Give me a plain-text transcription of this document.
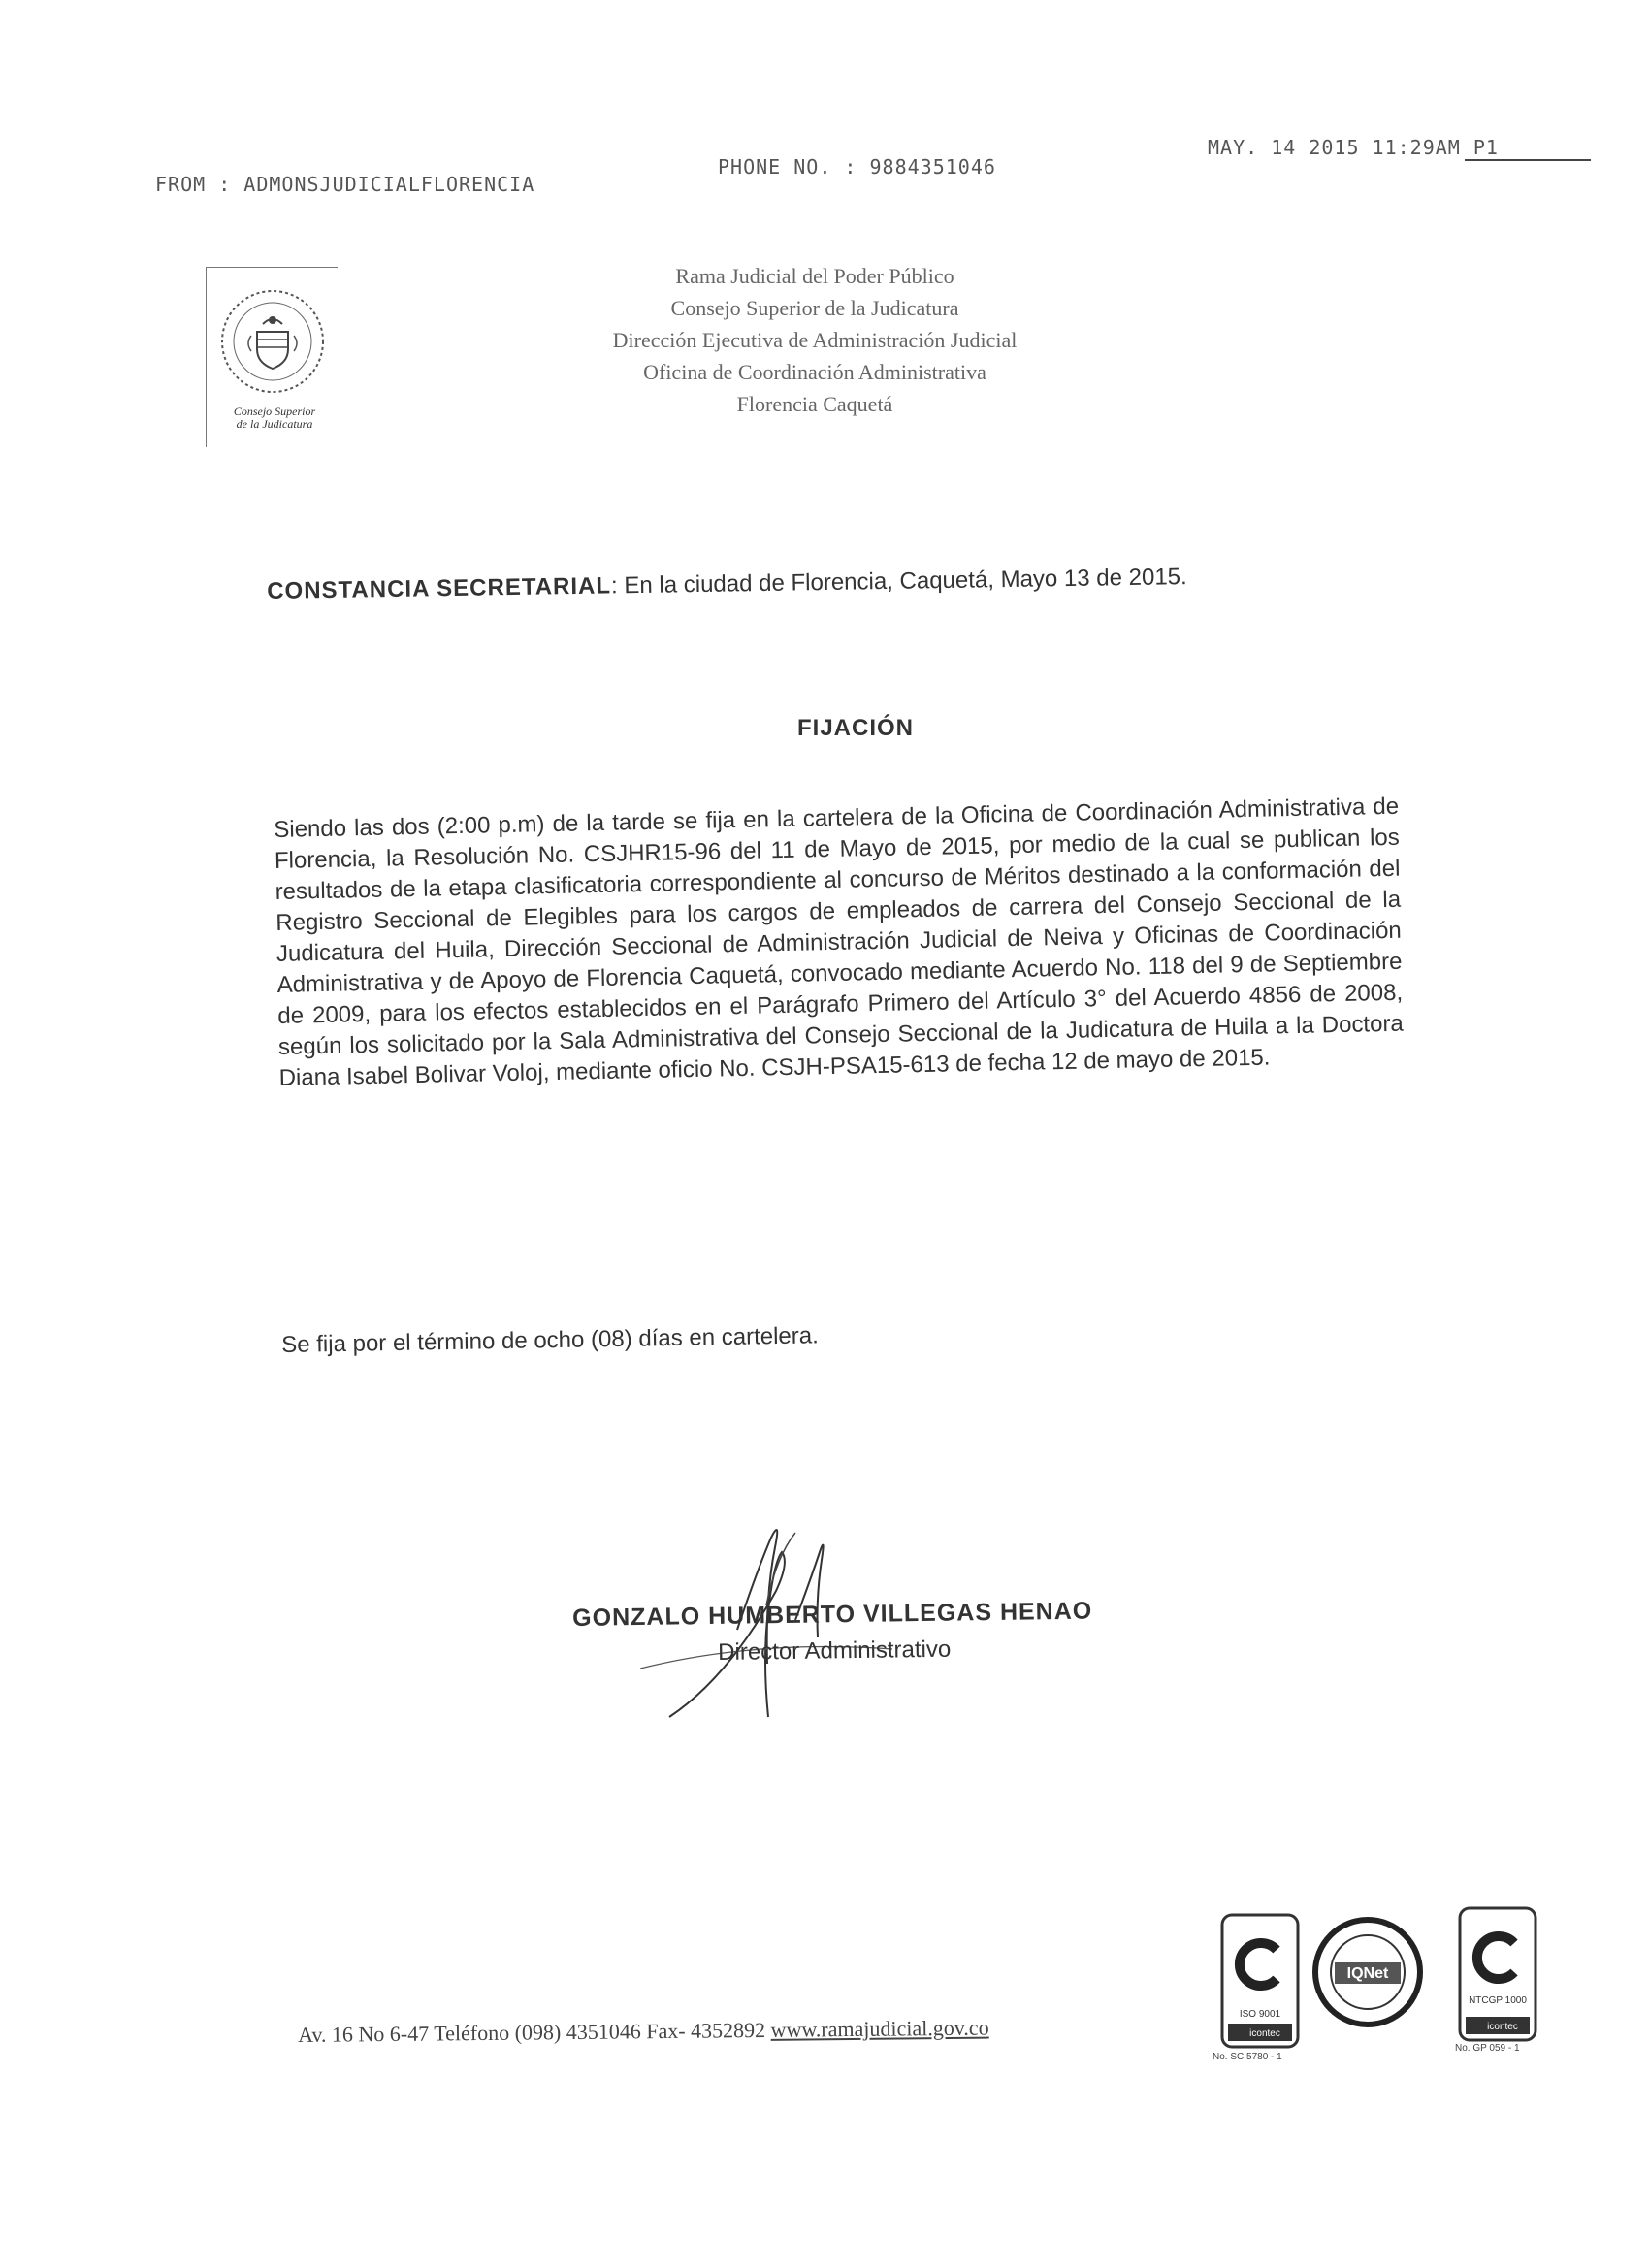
FROM : ADMONSJUDICIALFLORENCIA
PHONE NO. : 9884351046
MAY. 14 2015 11:29AM P1
Consejo Superior
de la Judicatura
Rama Judicial del Poder Público
Consejo Superior de la Judicatura
Dirección Ejecutiva de Administración Judicial
Oficina de Coordinación Administrativa
Florencia Caquetá
CONSTANCIA SECRETARIAL: En la ciudad de Florencia, Caquetá, Mayo 13 de 2015.
FIJACIÓN
Siendo las dos (2:00 p.m) de la tarde se fija en la cartelera de la Oficina de Coordinación Administrativa de Florencia, la Resolución No. CSJHR15-96 del 11 de Mayo de 2015, por medio de la cual se publican los resultados de la etapa clasificatoria correspondiente al concurso de Méritos destinado a la conformación del Registro Seccional de Elegibles para los cargos de empleados de carrera del Consejo Seccional de la Judicatura del Huila, Dirección Seccional de Administración Judicial de Neiva y Oficinas de Coordinación Administrativa y de Apoyo de Florencia Caquetá, convocado mediante Acuerdo No. 118 del 9 de Septiembre de 2009, para los efectos establecidos en el Parágrafo Primero del Artículo 3° del Acuerdo 4856 de 2008, según los solicitado por la Sala Administrativa del Consejo Seccional de la Judicatura de Huila a la Doctora Diana Isabel Bolivar Voloj, mediante oficio No. CSJH-PSA15-613 de fecha 12 de mayo de 2015.
Se fija por el término de ocho (08) días en cartelera.
GONZALO HUMBERTO VILLEGAS HENAO
Director Administrativo
Av. 16 No 6-47 Teléfono (098) 4351046 Fax- 4352892 www.ramajudicial.gov.co
ISO 9001
icontec
IQNet
NTCGP 1000
icontec
No. SC 5780 - 1
No. GP 059 - 1
